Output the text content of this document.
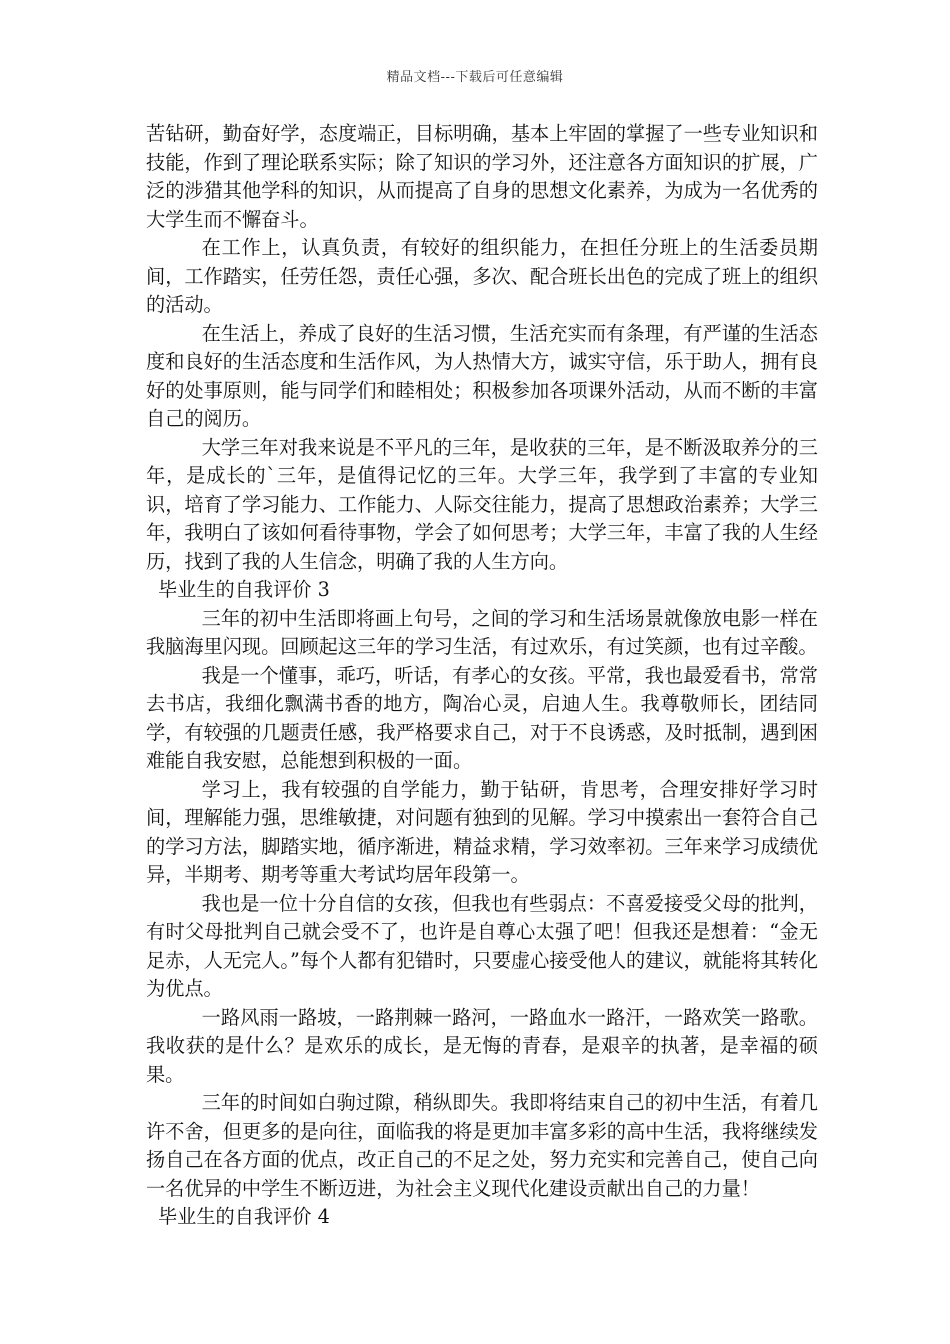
精品文档---下载后可任意编辑

苦钻研，勤奋好学，态度端正，目标明确，基本上牢固的掌握了一些专业知识和技能，作到了理论联系实际；除了知识的学习外，还注意各方面知识的扩展，广泛的涉猎其他学科的知识，从而提高了自身的思想文化素养，为成为一名优秀的大学生而不懈奋斗。

在工作上，认真负责，有较好的组织能力，在担任分班上的生活委员期间，工作踏实，任劳任怨，责任心强，多次、配合班长出色的完成了班上的组织的活动。

在生活上，养成了良好的生活习惯，生活充实而有条理，有严谨的生活态度和良好的生活态度和生活作风，为人热情大方，诚实守信，乐于助人，拥有良好的处事原则，能与同学们和睦相处；积极参加各项课外活动，从而不断的丰富自己的阅历。

大学三年对我来说是不平凡的三年，是收获的三年，是不断汲取养分的三年，是成长的`三年，是值得记忆的三年。大学三年，我学到了丰富的专业知识，培育了学习能力、工作能力、人际交往能力，提高了思想政治素养；大学三年，我明白了该如何看待事物，学会了如何思考；大学三年，丰富了我的人生经历，找到了我的人生信念，明确了我的人生方向。

毕业生的自我评价 3

三年的初中生活即将画上句号，之间的学习和生活场景就像放电影一样在我脑海里闪现。回顾起这三年的学习生活，有过欢乐，有过笑颜，也有过辛酸。

我是一个懂事，乖巧，听话，有孝心的女孩。平常，我也最爱看书，常常去书店，我细化飘满书香的地方，陶冶心灵，启迪人生。我尊敬师长，团结同学，有较强的几题责任感，我严格要求自己，对于不良诱惑，及时抵制，遇到困难能自我安慰，总能想到积极的一面。

学习上，我有较强的自学能力，勤于钻研，肯思考，合理安排好学习时间，理解能力强，思维敏捷，对问题有独到的见解。学习中摸索出一套符合自己的学习方法，脚踏实地，循序渐进，精益求精，学习效率初。三年来学习成绩优异，半期考、期考等重大考试均居年段第一。

我也是一位十分自信的女孩，但我也有些弱点：不喜爱接受父母的批判，有时父母批判自己就会受不了，也许是自尊心太强了吧！但我还是想着：“金无足赤，人无完人。”每个人都有犯错时，只要虚心接受他人的建议，就能将其转化为优点。

一路风雨一路坡，一路荆棘一路河，一路血水一路汗，一路欢笑一路歌。我收获的是什么？是欢乐的成长，是无悔的青春，是艰辛的执著，是幸福的硕果。

三年的时间如白驹过隙，稍纵即失。我即将结束自己的初中生活，有着几许不舍，但更多的是向往，面临我的将是更加丰富多彩的高中生活，我将继续发扬自己在各方面的优点，改正自己的不足之处，努力充实和完善自己，使自己向一名优异的中学生不断迈进，为社会主义现代化建设贡献出自己的力量！

毕业生的自我评价 4
